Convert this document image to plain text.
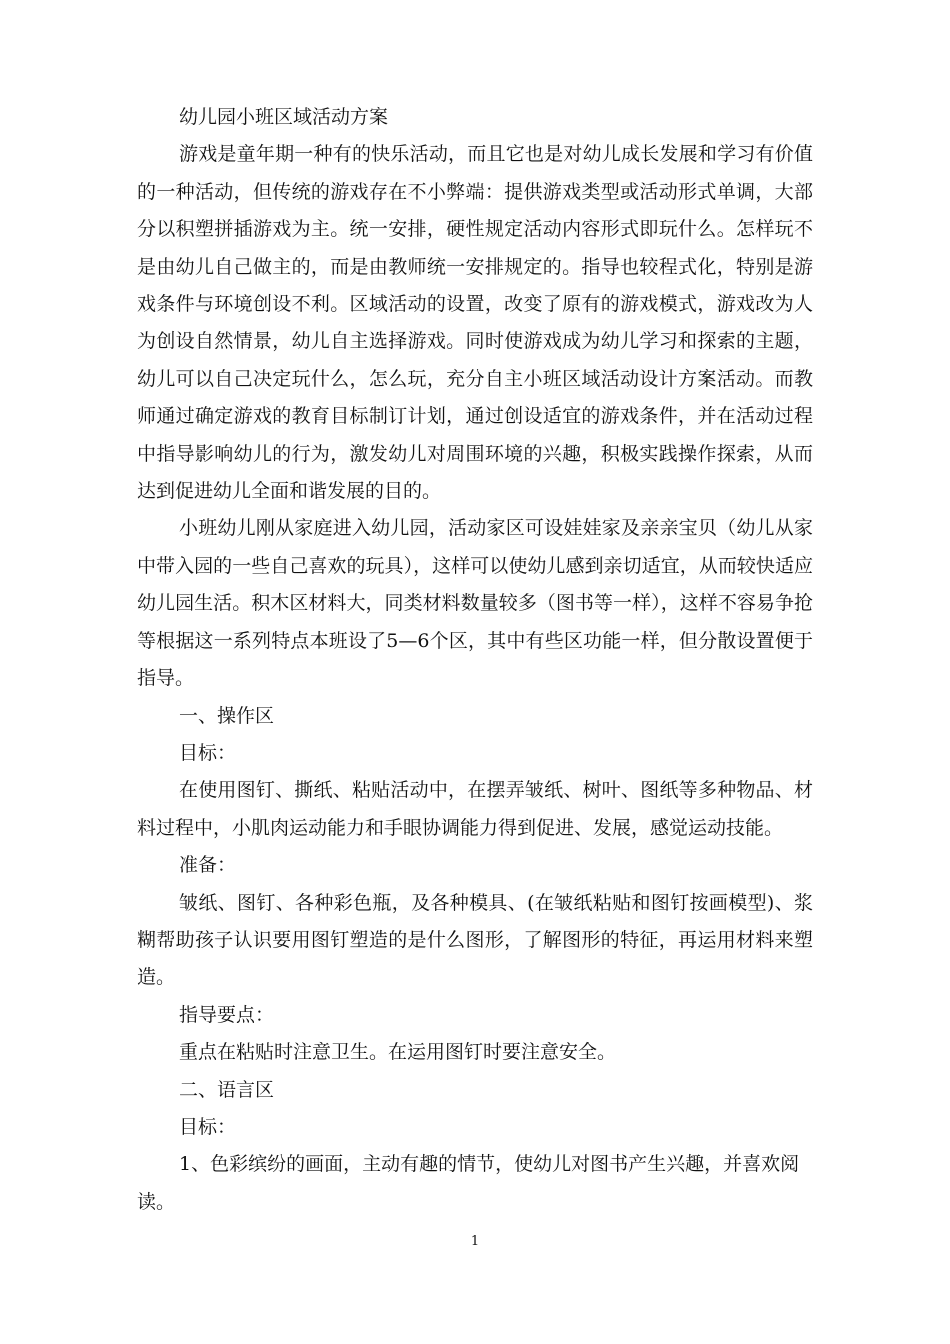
幼儿园小班区域活动方案

游戏是童年期一种有的快乐活动，而且它也是对幼儿成长发展和学习有价值的一种活动，但传统的游戏存在不小弊端：提供游戏类型或活动形式单调，大部分以积塑拼插游戏为主。统一安排，硬性规定活动内容形式即玩什么。怎样玩不是由幼儿自己做主的，而是由教师统一安排规定的。指导也较程式化，特别是游戏条件与环境创设不利。区域活动的设置，改变了原有的游戏模式，游戏改为人为创设自然情景，幼儿自主选择游戏。同时使游戏成为幼儿学习和探索的主题，幼儿可以自己决定玩什么，怎么玩，充分自主小班区域活动设计方案活动。而教师通过确定游戏的教育目标制订计划，通过创设适宜的游戏条件，并在活动过程中指导影响幼儿的行为，激发幼儿对周围环境的兴趣，积极实践操作探索，从而达到促进幼儿全面和谐发展的目的。

小班幼儿刚从家庭进入幼儿园，活动家区可设娃娃家及亲亲宝贝（幼儿从家中带入园的一些自己喜欢的玩具），这样可以使幼儿感到亲切适宜，从而较快适应幼儿园生活。积木区材料大，同类材料数量较多（图书等一样），这样不容易争抢等根据这一系列特点本班设了5—6个区，其中有些区功能一样，但分散设置便于指导。

一、操作区

目标：

在使用图钉、撕纸、粘贴活动中，在摆弄皱纸、树叶、图纸等多种物品、材料过程中，小肌肉运动能力和手眼协调能力得到促进、发展，感觉运动技能。

准备：

皱纸、图钉、各种彩色瓶，及各种模具、(在皱纸粘贴和图钉按画模型)、浆糊帮助孩子认识要用图钉塑造的是什么图形，了解图形的特征，再运用材料来塑造。

指导要点：

重点在粘贴时注意卫生。在运用图钉时要注意安全。

二、语言区

目标：

1、色彩缤纷的画面，主动有趣的情节，使幼儿对图书产生兴趣，并喜欢阅读。

1
